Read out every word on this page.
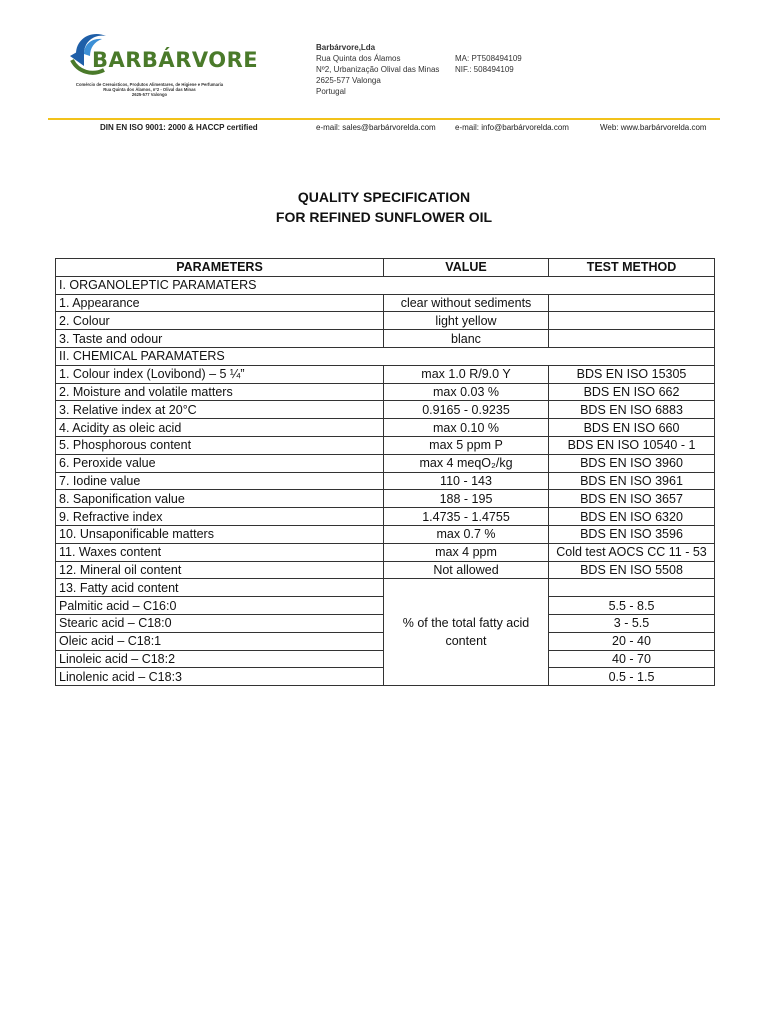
BARBÁRVORE
Comércio de Cereaisticos, Produtos Alimentares, de Higiene e Perfumaria
Rua Quinta dos Álamos, nº2 - Olival das Minas
2625-577 Valongo
Barbárvore,Lda
Rua Quinta dos Álamos
Nº2, Urbanização Olival das Minas
2625-577 Valonga
Portugal
MA: PT508494109
NIF.: 508494109
DIN EN ISO 9001: 2000 & HACCP certified	e-mail: sales@barbárvorelda.com e-mail: info@barbárvorelda.com	Web: www.barbárvorelda.com
QUALITY SPECIFICATION
FOR REFINED SUNFLOWER OIL
PARAMETERS	VALUE	TEST METHOD
I. ORGANOLEPTIC PARAMATERS		
1. Appearance	clear without sediments	
2. Colour	light yellow	
3. Taste and odour	blanc	
II. CHEMICAL PARAMATERS		
1. Colour index (Lovibond) – 5 ¼”	max 1.0 R/9.0 Y	BDS EN ISO 15305
2. Moisture and volatile matters	max 0.03 %	BDS EN ISO 662
3. Relative index at 20°C	0.9165 - 0.9235	BDS EN ISO 6883
4. Acidity as oleic acid	max 0.10 %	BDS EN ISO 660
5. Phosphorous content	max 5 ppm P	BDS EN ISO 10540 - 1
6. Peroxide value	max 4 meqO₂/kg	BDS EN ISO 3960
7. Iodine value	110 - 143	BDS EN ISO 3961
8. Saponification value	188 - 195	BDS EN ISO 3657
9. Refractive index	1.4735 - 1.4755	BDS EN ISO 6320
10. Unsaponificable matters	max 0.7 %	BDS EN ISO 3596
11. Waxes content	max 4 ppm	Cold test AOCS CC 11 - 53
12. Mineral oil content	Not allowed	BDS EN ISO 5508
13. Fatty acid content	% of the total fatty acid content	
Palmitic acid – C16:0		5.5 - 8.5
Stearic acid – C18:0		3 - 5.5
Oleic acid – C18:1		20 - 40
Linoleic acid – C18:2		40 - 70
Linolenic acid – C18:3		0.5 - 1.5
